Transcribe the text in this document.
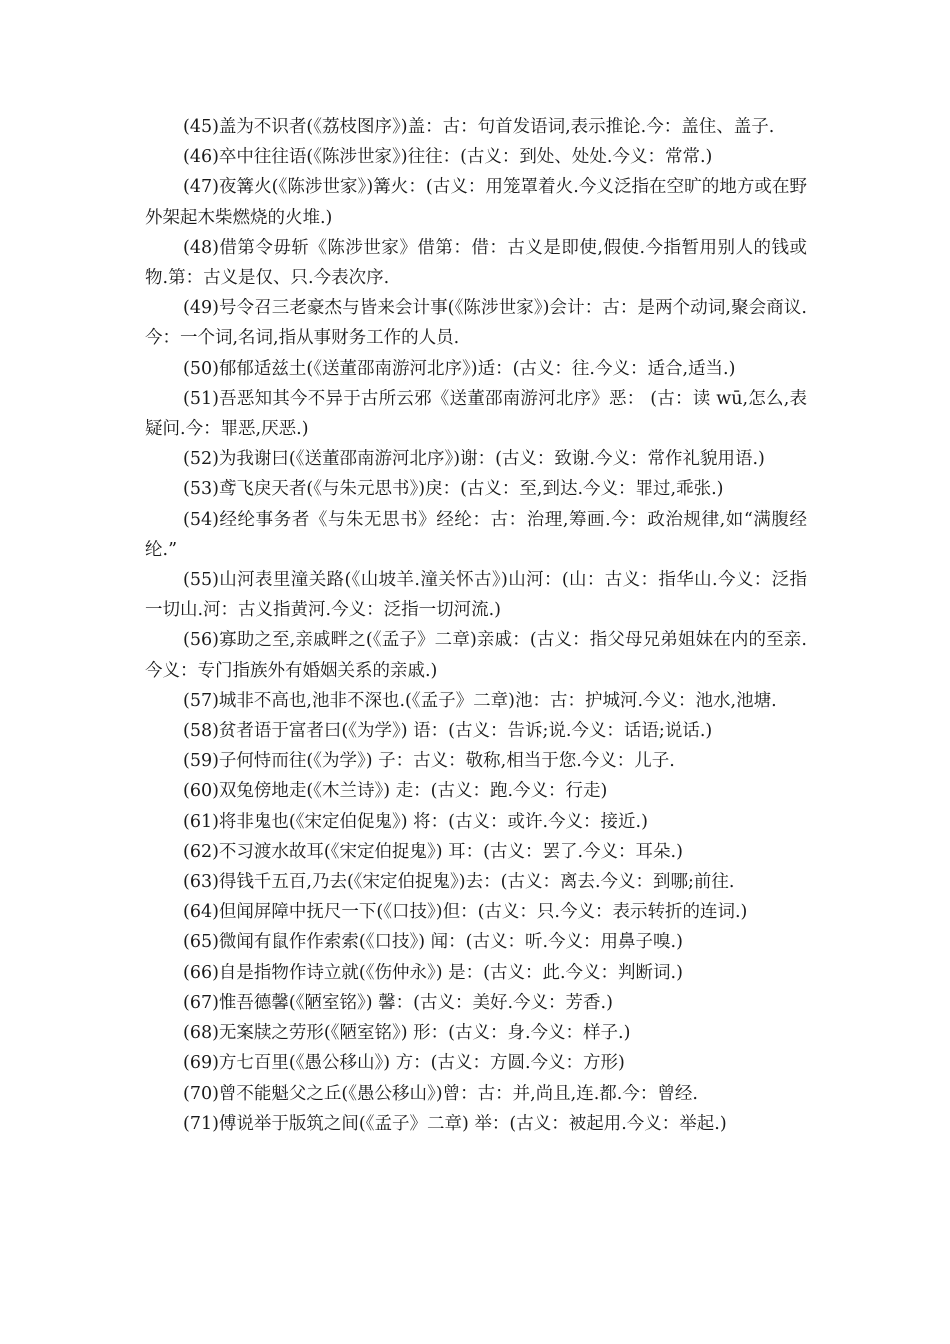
(45)盖为不识者(《荔枝图序》)盖：古：句首发语词,表示推论.今：盖住、盖子.

(46)卒中往往语(《陈涉世家》)往往：(古义：到处、处处.今义：常常.)

(47)夜篝火(《陈涉世家》)篝火：(古义：用笼罩着火.今义泛指在空旷的地方或在野外架起木柴燃烧的火堆.)

(48)借第令毋斩《陈涉世家》借第：借：古义是即使,假使.今指暂用别人的钱或物.第：古义是仅、只.今表次序.

(49)号令召三老豪杰与皆来会计事(《陈涉世家》)会计：古：是两个动词,聚会商议.今：一个词,名词,指从事财务工作的人员.

(50)郁郁适兹土(《送董邵南游河北序》)适：(古义：往.今义：适合,适当.)

(51)吾恶知其今不异于古所云邪《送董邵南游河北序》恶： (古：读 wū,怎么,表疑问.今：罪恶,厌恶.)

(52)为我谢曰(《送董邵南游河北序》)谢：(古义：致谢.今义：常作礼貌用语.)

(53)鸢飞戾天者(《与朱元思书》)戾：(古义：至,到达.今义：罪过,乖张.)

(54)经纶事务者《与朱无思书》经纶：古：治理,筹画.今：政治规律,如“满腹经纶.”

(55)山河表里潼关路(《山坡羊.潼关怀古》)山河：(山：古义：指华山.今义：泛指一切山.河：古义指黄河.今义：泛指一切河流.)

(56)寡助之至,亲戚畔之(《孟子》二章)亲戚：(古义：指父母兄弟姐妹在内的至亲.今义：专门指族外有婚姻关系的亲戚.)

(57)城非不高也,池非不深也.(《孟子》二章)池：古：护城河.今义：池水,池塘.

(58)贫者语于富者曰(《为学》) 语：(古义：告诉;说.今义：话语;说话.)

(59)子何恃而往(《为学》) 子：古义：敬称,相当于您.今义：儿子.

(60)双兔傍地走(《木兰诗》) 走：(古义：跑.今义：行走)

(61)将非鬼也(《宋定伯促鬼》) 将：(古义：或许.今义：接近.)

(62)不习渡水故耳(《宋定伯捉鬼》) 耳：(古义：罢了.今义：耳朵.)

(63)得钱千五百,乃去(《宋定伯捉鬼》)去：(古义：离去.今义：到哪;前往.

(64)但闻屏障中抚尺一下(《口技》)但：(古义：只.今义：表示转折的连词.)

(65)微闻有鼠作作索索(《口技》) 闻：(古义：听.今义：用鼻子嗅.)

(66)自是指物作诗立就(《伤仲永》) 是：(古义：此.今义：判断词.)

(67)惟吾德馨(《陋室铭》) 馨：(古义：美好.今义：芳香.)

(68)无案牍之劳形(《陋室铭》) 形：(古义：身.今义：样子.)

(69)方七百里(《愚公移山》) 方：(古义：方圆.今义：方形)

(70)曾不能魁父之丘(《愚公移山》)曾：古：并,尚且,连.都.今：曾经.

(71)傅说举于版筑之间(《孟子》二章) 举：(古义：被起用.今义：举起.)
